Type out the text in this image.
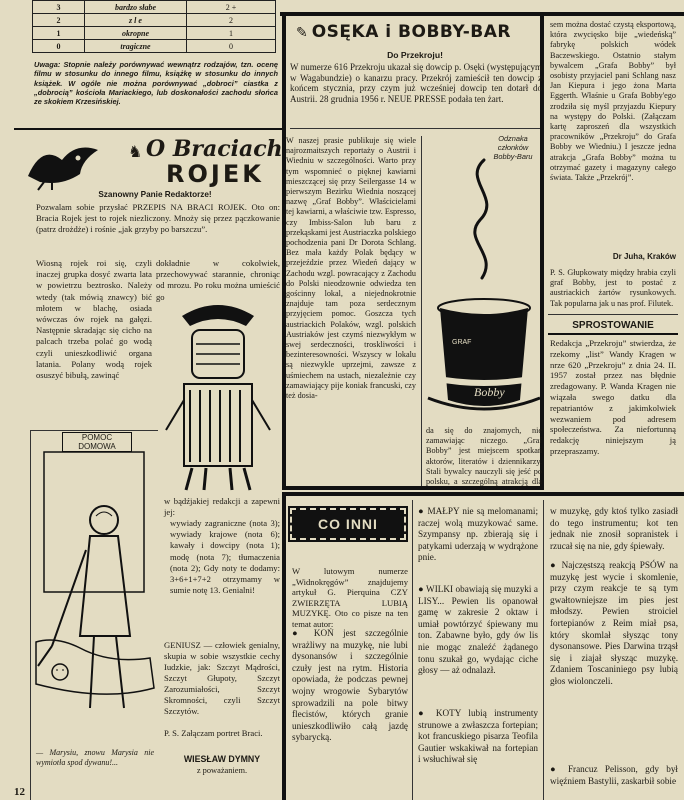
3	bardzo słabe	2 +
2	z l e	2
1	okropne	1
0	tragiczne	0
Uwaga: Stopnie należy porównywać wewnątrz rodzajów, tzn. ocenę filmu w stosunku do innego filmu, książkę w stosunku do innych książek. W ogóle nie można porównywać „dobroci” ciastka z „dobrocią” kościoła Mariackiego, lub doskonałości zachodu słońca ze skokiem Krzesińskiej.
✎ OSĘKA i BOBBY-BAR
Do Przekroju!
W numerze 616 Przekroju ukazał się dowcip p. Osęki (występującym w Wagabundzie) o kanarzu pracy. Przekrój zamieścił ten dowcip z końcem stycznia, przy czym już wcześniej dowcip ten dotarł do Austrii. 28 grudnia 1956 r. NEUE PRESSE podała ten żart.
W naszej prasie publikuje się wiele najrozmaitszych reportaży o Austrii i Wiedniu w szczególności. Warto przy tym wspomnieć o pięknej kawiarni mieszczącej się przy Seilergasse 14 w pierwszym Bezirku Wiednia noszącej nazwę „Graf Bobby”. Właścicielami tej kawiarni, a właściwie tzw. Espresso, czy Imbiss-Salon lub baru z przekąskami jest Austriaczka polskiego pochodzenia pani Dr Dorota Schlang. Bez mała każdy Polak będący w przejeździe przez Wiedeń dający w Zachodu wzgl. powracający z Zachodu do Polski nieodzownie odwiedza ten gościnny lokal, a niejednokrotnie znajduje tam poza serdecznym przyjęciem pomoc. Goszcza tych austriackich Polaków, wzgl. polskich Austriaków jest czymś niezwykłym w swej serdeczności, troskliwości i bezinteresowności. Wszyscy w lokalu są niezwykle uprzejmi, zawsze z uśmiechem na ustach, niezależnie czy zamawiający pije koniak francuski, czy też dosia-
Odznaka członków Bobby-Baru
GRAF
Bobby
da się do znajomych, nie zamawiając niczego. „Graf Bobby” jest miejscem spotkań aktorów, literatów i dziennikarzy. Stali bywalcy nauczyli się jeść po polsku, a szczególną atrakcją dla
sem można dostać czystą eksportową, która zwycięsko bije „wiedeńską” fabrykę polskich wódek Baczewskiego. Ostatnio stałym bywalcem „Grafa Bobby” był osobisty przyjaciel pani Schlang nasz Jan Kiepura i jego żona Marta Eggerth. Właśnie u Grafa Bobby'ego zrodziła się myśl przyjazdu Kiepury na występy do Polski. (Załączam kartę zaproszeń dla wszystkich pracowników „Przekroju” do Grafa Bobby we Wiedniu.) I jeszcze jedna atrakcja „Grafa Bobby” można tu otrzymać gazety i magazyny całego świata. Także „Przekrój”.
Dr Juha, Kraków
P. S. Głupkowaty między hrabia czyli graf Bobby, jest to postać z austriackich żartów rysunkowych. Tak popularna jak u nas prof. Filutek.
SPROSTOWANIE
Redakcja „Przekroju” stwierdza, że rzekomy „list” Wandy Kragen w nrze 620 „Przekroju” z dnia 24. II. 1957 został przez nas błędnie zredagowany. P. Wanda Kragen nie wiązała swego datku dla repatriantów z jakimkolwiek wezwaniem pod adresem społeczeństwa. Za niefortunną redakcję niniejszym ją przepraszamy.
O Braciach
♞
ROJEK
Szanowny Panie Redaktorze!
Pozwalam sobie przysłać PRZEPIS NA BRACI ROJEK. Oto on: Bracia Rojek jest to rojek niezliczony. Mnoży się przez pączkowanie (patrz drożdże) i rośnie „jak grzyby po barszczu”.
Wiosną rojek roi się, czyli inaczej grupka dosyć zwarta lata w powietrzu beztrosko. Należy wtedy (tak mówią znawcy) bić młotem w blachę, osiada wówczas ów rojek na gałęzi. Następnie skradając się cicho na palcach trzeba polać go wodą czyli unieszkodliwić organa latania. Polany wodą rojek osuszyć bibułą, zawinąć
dokładnie w cokolwiek, przechowywać starannie, chroniąc od mrozu. Po roku można umieścić go
w bądźjakiej redakcji a zapewni jej:
wywiady zagraniczne (nota 3); wywiady krajowe (nota 6); kawały i dowcipy (nota 1); modę (nota 7); tłumaczenia (nota 2); Gdy noty te dodamy: 3+6+1+7+2 otrzymamy w sumie notę 13. Genialni!
GENIUSZ — człowiek genialny, skupia w sobie wszystkie cechy Iudzkie, jak: Szczyt Mądrości, Szczyt Głupoty, Szczyt Zarozumiałości, Szczyt Skromności, czyli Szczyt Szczytów.
P. S. Załączam portret Braci.
WIESŁAW DYMNY
z poważaniem.
POMOC DOMOWA
— Marysiu, znowu Marysia nie wymiotła spod dywanu!...
12
CO INNI
W lutowym numerze „Widnokręgów” znajdujemy artykuł G. Pierquina CZY ZWIERZĘTA LUBIĄ MUZYKĘ. Oto co pisze na ten temat autor:
● KOŃ jest szczególnie wrażliwy na muzykę, nie lubi dysonansów i szczególnie czuły jest na rytm. Historia opowiada, że podczas pewnej wojny wrogowie Sybarytów sprowadzili na pole bitwy flecistów, których granie unieszkodliwiło całą jazdę sybarycką.
● MAŁPY nie są melomanami; raczej wolą muzykować same. Szympansy np. zbierają się i patykami uderzają w wydrążone pnie.
● WILKI obawiają się muzyki a LISY... Pewien lis opanował gamę w zakresie 2 oktaw i umiał powtórzyć śpiewany mu ton. Zabawne było, gdy ów lis nie mogąc znaleźć żądanego tonu szukał go, wydając ciche głosy — aż odnalazł.
● KOTY lubią instrumenty strunowe a zwłaszcza fortepian; kot francuskiego pisarza Teofila Gautier wskakiwał na fortepian i wsłuchiwał się
w muzykę, gdy ktoś tylko zasiadł do tego instrumentu; kot ten jednak nie znosił sopranistek i rzucał się na nie, gdy śpiewały.
● Najczęstszą reakcją PSÓW na muzykę jest wycie i skomlenie, przy czym reakcje te są tym gwałtowniejsze im pies jest młodszy. Pewien stroiciel fortepianów z Reim miał psa, który skomlał słysząc tony dysonansowe. Pies Darwina trząsł się i ziajał słysząc muzykę. Zdaniem Toscaniniego psy lubią głos wiolonczeli.
● Francuz Pelisson, gdy był więźniem Bastylii, zaskarbił sobie
